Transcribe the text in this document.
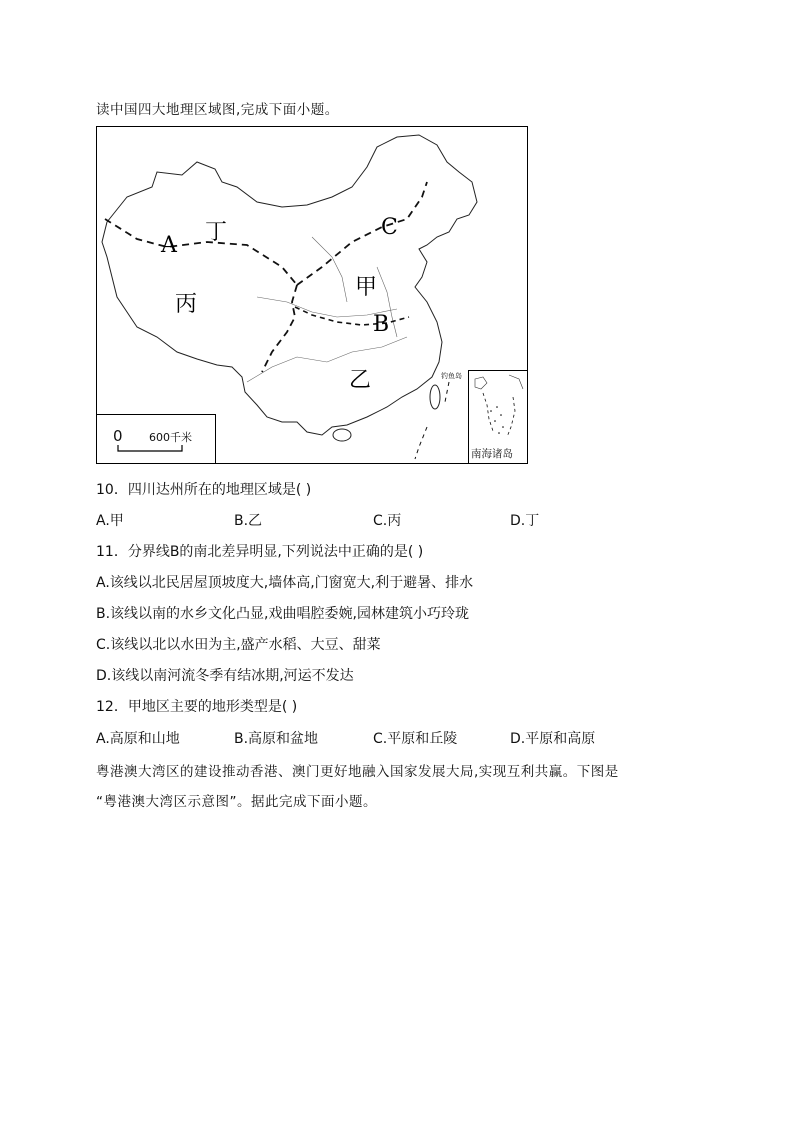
读中国四大地理区域图,完成下面小题。
A
丁	C
甲
丙
B
乙	钓鱼岛
0 600千米
南海诸岛
10．四川达州所在的地理区域是( )
A.甲	B.乙	C.丙	D.丁
11．分界线B的南北差异明显,下列说法中正确的是( )
A.该线以北民居屋顶坡度大,墙体高,门窗宽大,利于避暑、排水
B.该线以南的水乡文化凸显,戏曲唱腔委婉,园林建筑小巧玲珑
C.该线以北以水田为主,盛产水稻、大豆、甜菜
D.该线以南河流冬季有结冰期,河运不发达
12．甲地区主要的地形类型是( )
A.高原和山地	B.高原和盆地	C.平原和丘陵	D.平原和高原
粤港澳大湾区的建设推动香港、澳门更好地融入国家发展大局,实现互利共赢。下图是
“粤港澳大湾区示意图”。据此完成下面小题。
